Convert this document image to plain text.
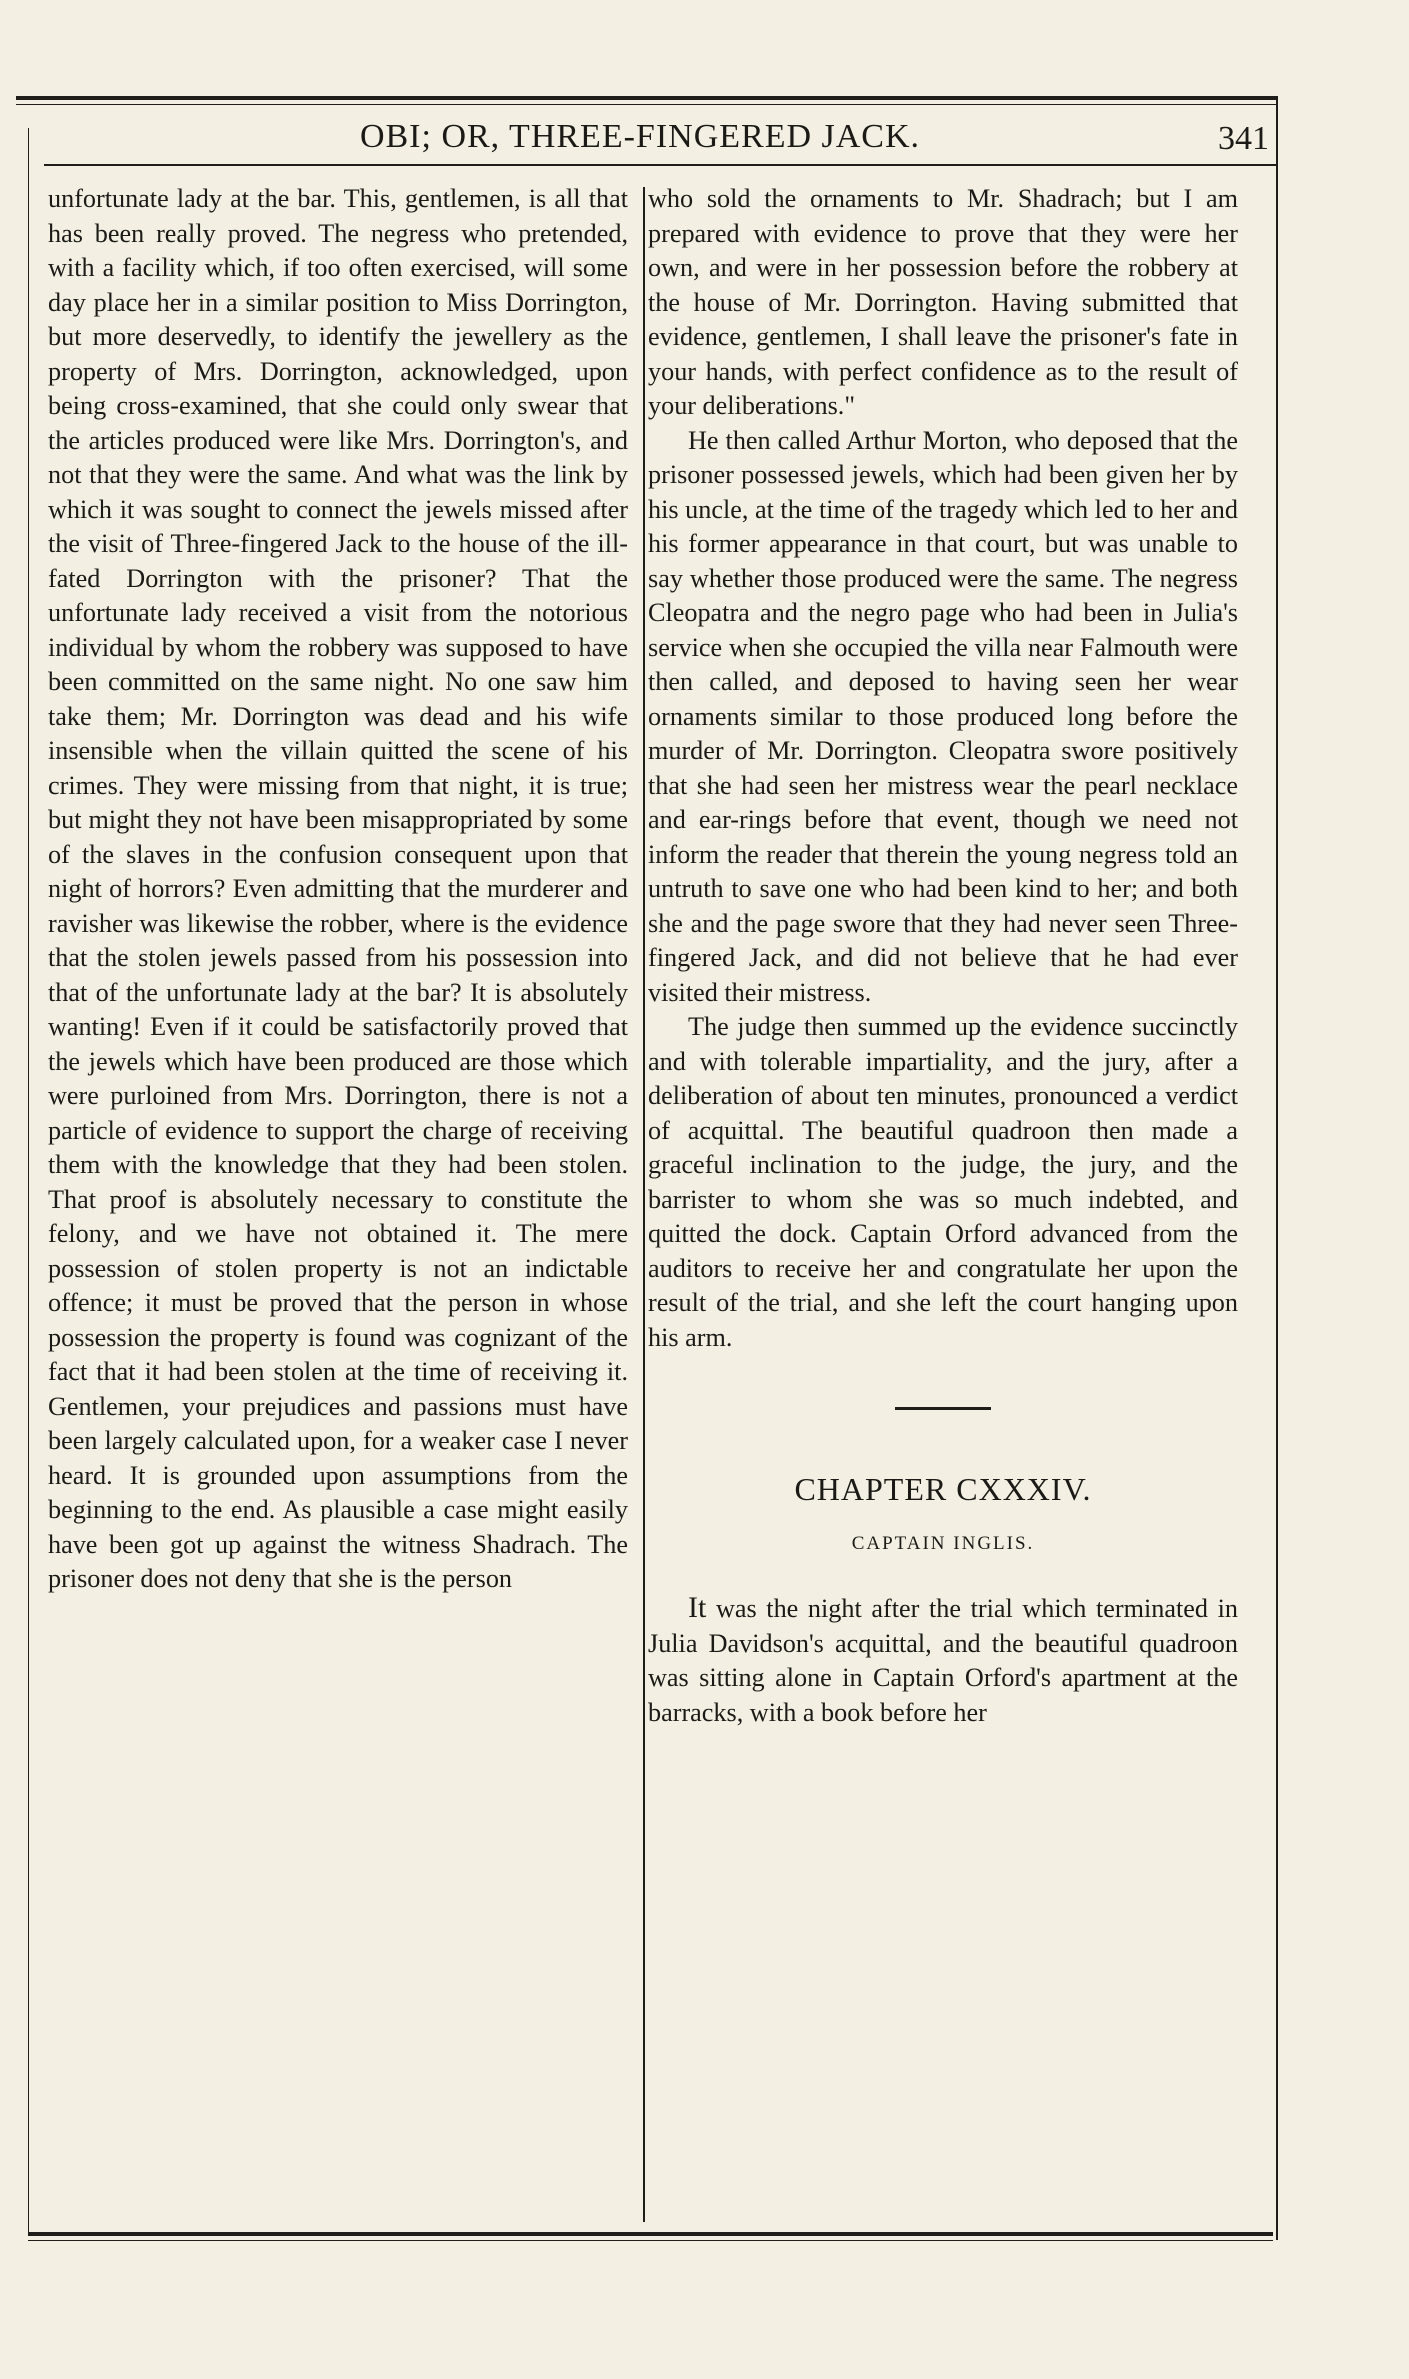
OBI; OR, THREE-FINGERED JACK.	341

unfortunate lady at the bar. This, gentlemen, is all that has been really proved. The negress who pretended, with a facility which, if too often exercised, will some day place her in a similar position to Miss Dorrington, but more deservedly, to identify the jewellery as the property of Mrs. Dorrington, acknowledged, upon being cross-examined, that she could only swear that the articles produced were like Mrs. Dorrington's, and not that they were the same. And what was the link by which it was sought to connect the jewels missed after the visit of Three-fingered Jack to the house of the ill-fated Dorrington with the prisoner? That the unfortunate lady received a visit from the notorious individual by whom the robbery was supposed to have been committed on the same night. No one saw him take them; Mr. Dorrington was dead and his wife insensible when the villain quitted the scene of his crimes. They were missing from that night, it is true; but might they not have been misappropriated by some of the slaves in the confusion consequent upon that night of horrors? Even admitting that the murderer and ravisher was likewise the robber, where is the evidence that the stolen jewels passed from his possession into that of the unfortunate lady at the bar? It is absolutely wanting! Even if it could be satisfactorily proved that the jewels which have been produced are those which were purloined from Mrs. Dorrington, there is not a particle of evidence to support the charge of receiving them with the knowledge that they had been stolen. That proof is absolutely necessary to constitute the felony, and we have not obtained it. The mere possession of stolen property is not an indictable offence; it must be proved that the person in whose possession the property is found was cognizant of the fact that it had been stolen at the time of receiving it. Gentlemen, your prejudices and passions must have been largely calculated upon, for a weaker case I never heard. It is grounded upon assumptions from the beginning to the end. As plausible a case might easily have been got up against the witness Shadrach. The prisoner does not deny that she is the person

who sold the ornaments to Mr. Shadrach; but I am prepared with evidence to prove that they were her own, and were in her possession before the robbery at the house of Mr. Dorrington. Having submitted that evidence, gentlemen, I shall leave the prisoner's fate in your hands, with perfect confidence as to the result of your deliberations."

He then called Arthur Morton, who deposed that the prisoner possessed jewels, which had been given her by his uncle, at the time of the tragedy which led to her and his former appearance in that court, but was unable to say whether those produced were the same. The negress Cleopatra and the negro page who had been in Julia's service when she occupied the villa near Falmouth were then called, and deposed to having seen her wear ornaments similar to those produced long before the murder of Mr. Dorrington. Cleopatra swore positively that she had seen her mistress wear the pearl necklace and ear-rings before that event, though we need not inform the reader that therein the young negress told an untruth to save one who had been kind to her; and both she and the page swore that they had never seen Three-fingered Jack, and did not believe that he had ever visited their mistress.

The judge then summed up the evidence succinctly and with tolerable impartiality, and the jury, after a deliberation of about ten minutes, pronounced a verdict of acquittal. The beautiful quadroon then made a graceful inclination to the judge, the jury, and the barrister to whom she was so much indebted, and quitted the dock. Captain Orford advanced from the auditors to receive her and congratulate her upon the result of the trial, and she left the court hanging upon his arm.

CHAPTER CXXXIV.
CAPTAIN INGLIS.

It was the night after the trial which terminated in Julia Davidson's acquittal, and the beautiful quadroon was sitting alone in Captain Orford's apartment at the barracks, with a book before her
